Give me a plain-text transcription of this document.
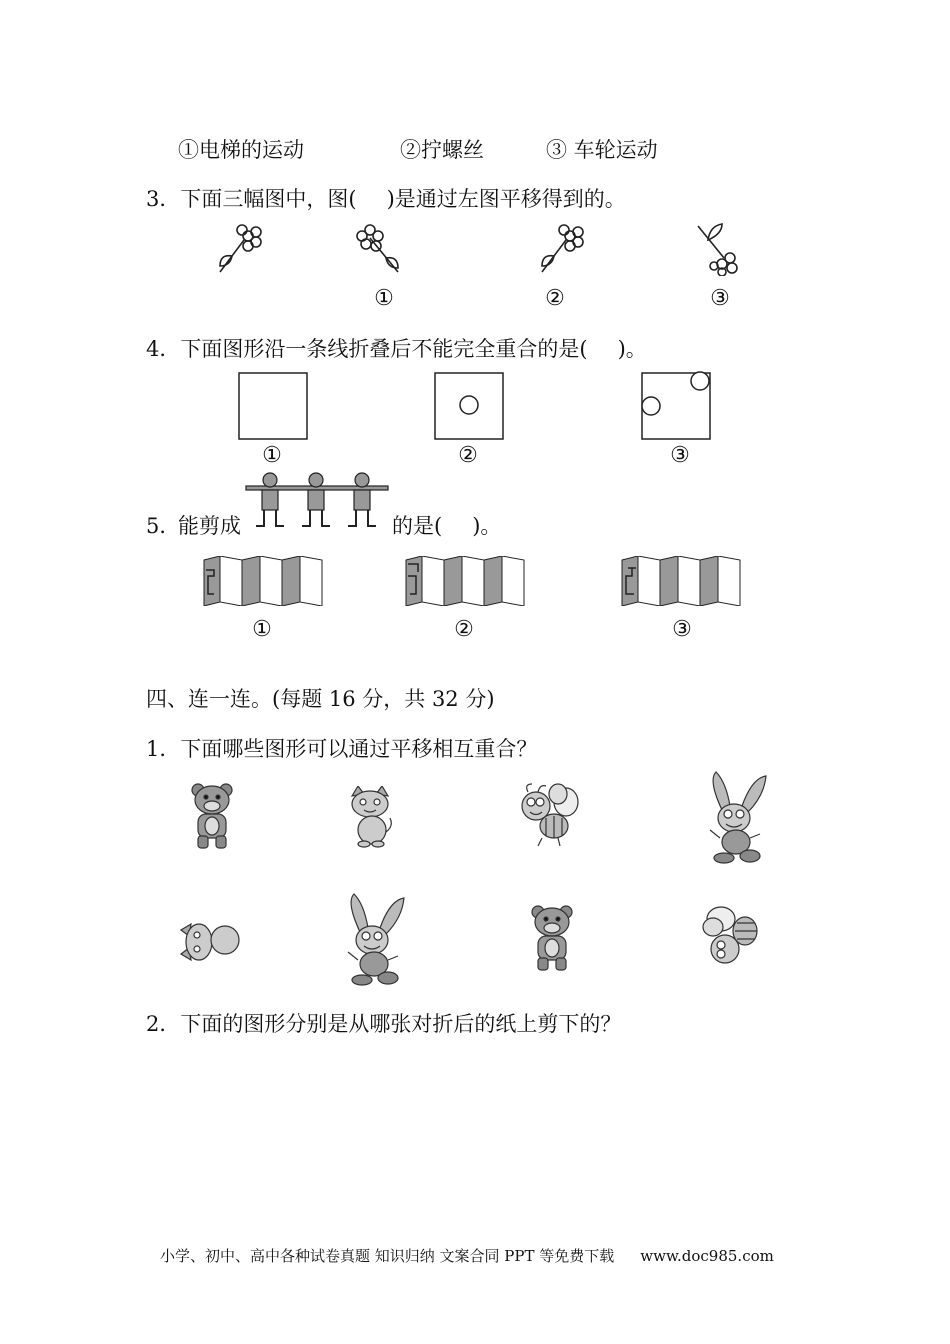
①电梯的运动	②拧螺丝	③ 车轮运动
3．下面三幅图中，图( )是通过左图平移得到的。
①	②	③
4．下面图形沿一条线折叠后不能完全重合的是( )。
①	②	③
5．
能剪成	的是( )。
①	②	③
四、连一连。(每题 16 分，共 32 分)
1．下面哪些图形可以通过平移相互重合？
2．下面的图形分别是从哪张对折后的纸上剪下的？
小学、初中、高中各种试卷真题 知识归纳 文案合同 PPT 等免费下载 www.doc985.com
